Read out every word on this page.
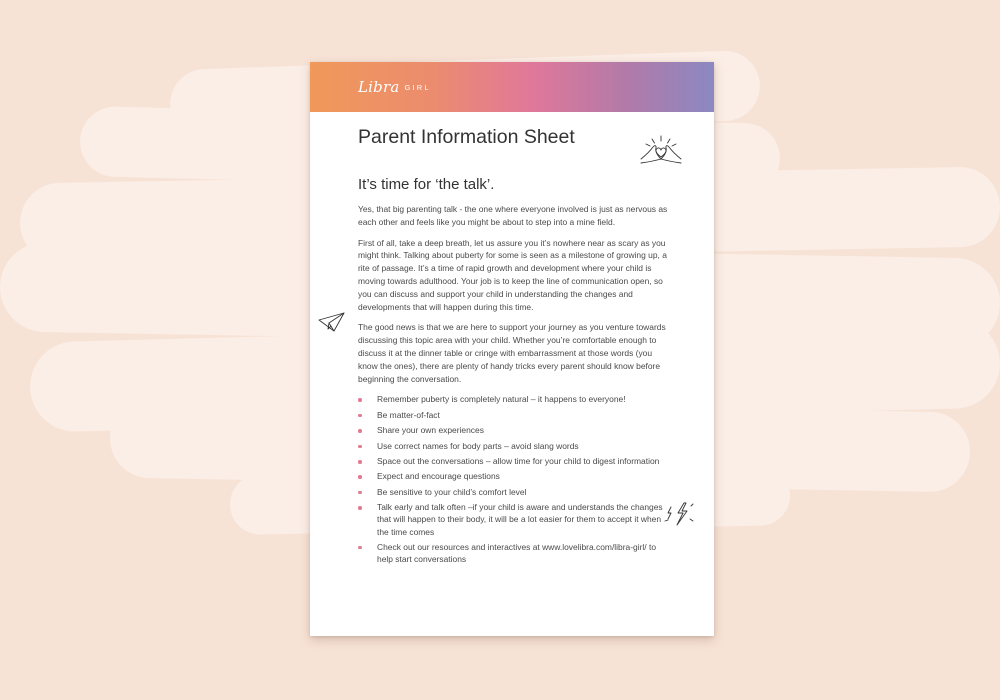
Libra GIRL
Parent Information Sheet
It’s time for ‘the talk’.

Yes, that big parenting talk - the one where everyone involved is just as nervous as each other and feels like you might be about to step into a mine field.

First of all, take a deep breath, let us assure you it’s nowhere near as scary as you might think. Talking about puberty for some is seen as a milestone of growing up, a rite of passage. It’s a time of rapid growth and development where your child is moving towards adulthood. Your job is to keep the line of communication open, so you can discuss and support your child in understanding the changes and developments that will happen during this time.

The good news is that we are here to support your journey as you venture towards discussing this topic area with your child. Whether you’re comfortable enough to discuss it at the dinner table or cringe with embarrassment at those words (you know the ones), there are plenty of handy tricks every parent should know before beginning the conversation.

Remember puberty is completely natural – it happens to everyone!
Be matter-of-fact
Share your own experiences
Use correct names for body parts – avoid slang words
Space out the conversations – allow time for your child to digest information
Expect and encourage questions
Be sensitive to your child’s comfort level
Talk early and talk often –if your child is aware and understands the changes that will happen to their body, it will be a lot easier for them to accept it when the time comes
Check out our resources and interactives at www.lovelibra.com/libra-girl/ to help start conversations
